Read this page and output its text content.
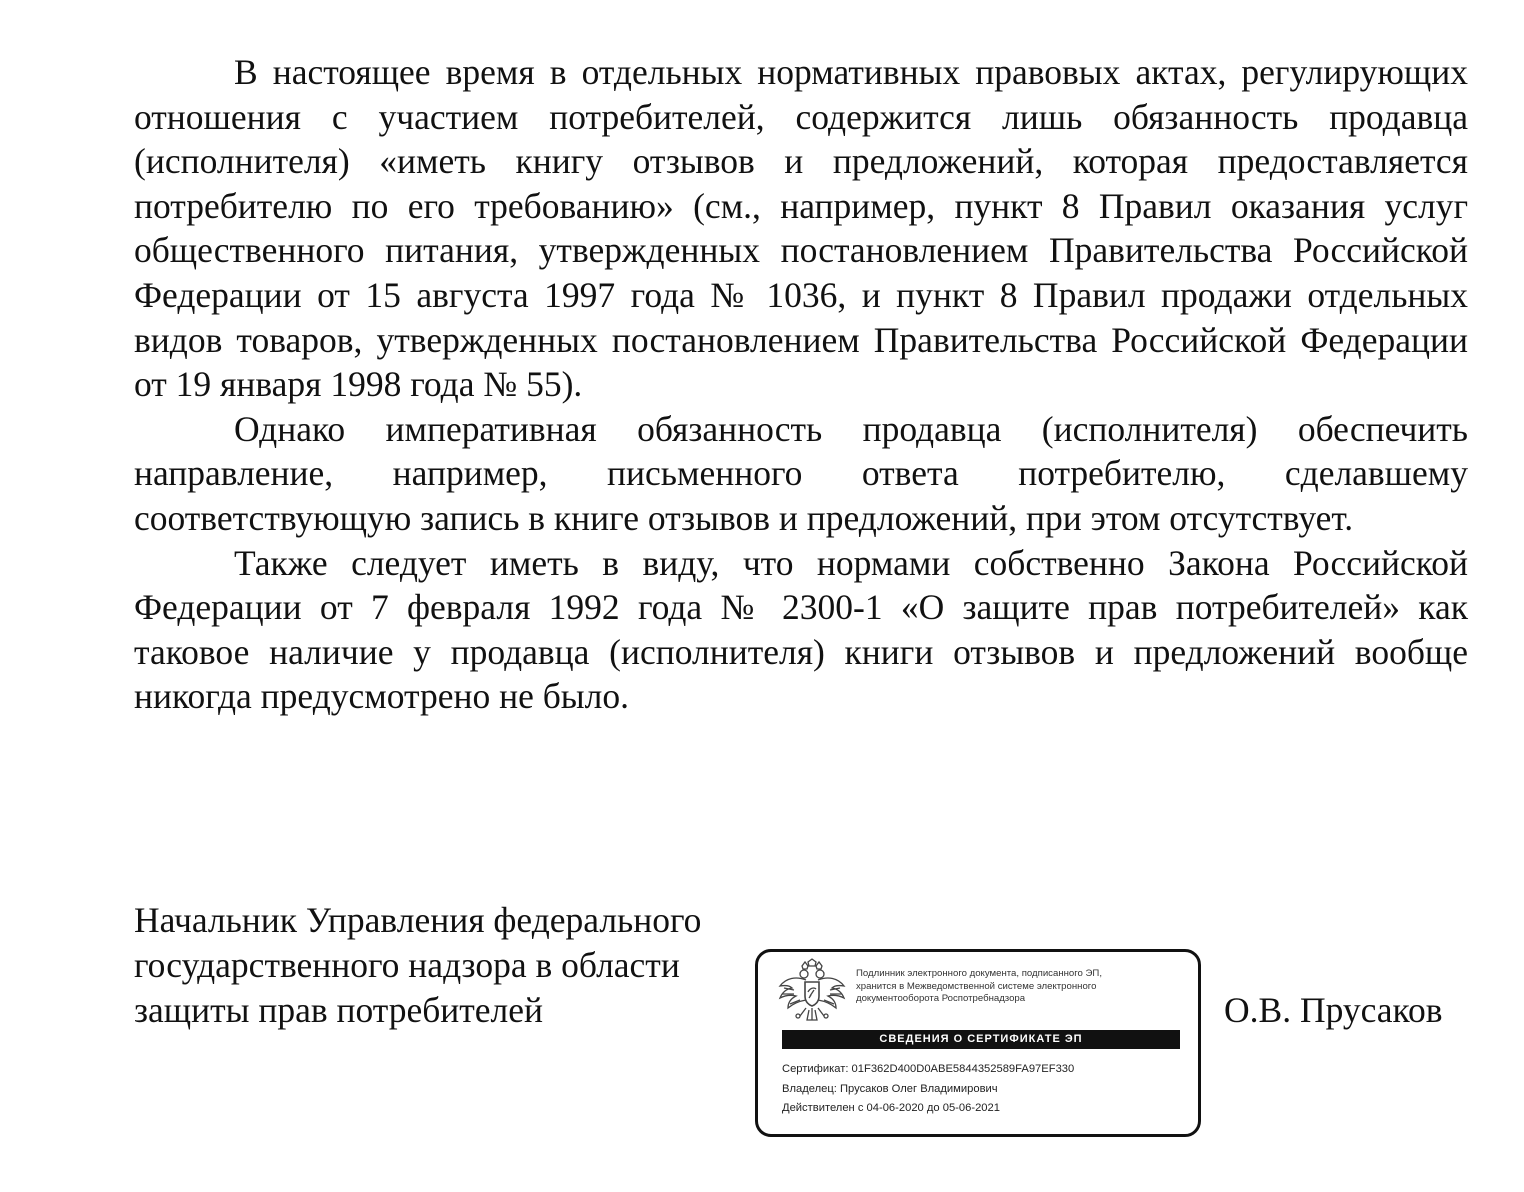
В настоящее время в отдельных нормативных правовых актах, регулирующих отношения с участием потребителей, содержится лишь обязанность продавца (исполнителя) «иметь книгу отзывов и предложений, которая предоставляется потребителю по его требованию» (см., например, пункт 8 Правил оказания услуг общественного питания, утвержденных постановлением Правительства Российской Федерации от 15 августа 1997 года № 1036, и пункт 8 Правил продажи отдельных видов товаров, утвержденных постановлением Правительства Российской Федерации от 19 января 1998 года № 55).

Однако императивная обязанность продавца (исполнителя) обеспечить направление, например, письменного ответа потребителю, сделавшему соответствующую запись в книге отзывов и предложений, при этом отсутствует.

Также следует иметь в виду, что нормами собственно Закона Российской Федерации от 7 февраля 1992 года № 2300-1 «О защите прав потребителей» как таковое наличие у продавца (исполнителя) книги отзывов и предложений вообще никогда предусмотрено не было.

Начальник Управления федерального
государственного надзора в области
защиты прав потребителей
Подлинник электронного документа, подписанного ЭП,
хранится в Межведомственной системе электронного
документооборота Роспотребнадзора
СВЕДЕНИЯ О СЕРТИФИКАТЕ ЭП
Сертификат: 01F362D400D0ABE5844352589FA97EF330
Владелец: Прусаков Олег Владимирович
Действителен с 04-06-2020 до 05-06-2021
О.В. Прусаков
